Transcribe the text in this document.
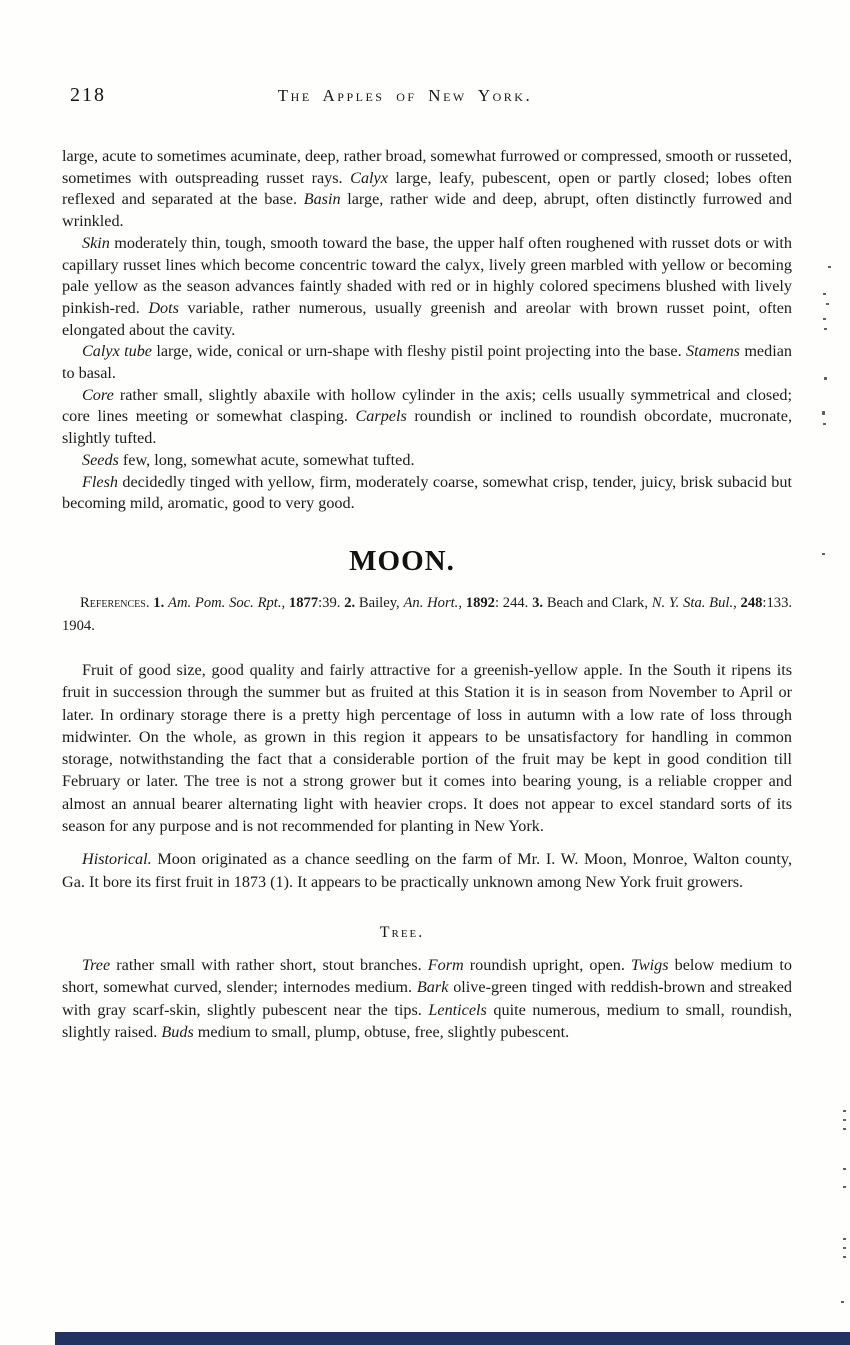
218	The Apples of New York.

large, acute to sometimes acuminate, deep, rather broad, somewhat furrowed or compressed, smooth or russeted, sometimes with outspreading russet rays. Calyx large, leafy, pubescent, open or partly closed; lobes often reflexed and separated at the base. Basin large, rather wide and deep, abrupt, often distinctly furrowed and wrinkled.

Skin moderately thin, tough, smooth toward the base, the upper half often roughened with russet dots or with capillary russet lines which become concentric toward the calyx, lively green marbled with yellow or becoming pale yellow as the season advances faintly shaded with red or in highly colored specimens blushed with lively pinkish-red. Dots variable, rather numerous, usually greenish and areolar with brown russet point, often elongated about the cavity.

Calyx tube large, wide, conical or urn-shape with fleshy pistil point projecting into the base. Stamens median to basal.

Core rather small, slightly abaxile with hollow cylinder in the axis; cells usually symmetrical and closed; core lines meeting or somewhat clasping. Carpels roundish or inclined to roundish obcordate, mucronate, slightly tufted.

Seeds few, long, somewhat acute, somewhat tufted.

Flesh decidedly tinged with yellow, firm, moderately coarse, somewhat crisp, tender, juicy, brisk subacid but becoming mild, aromatic, good to very good.

MOON.

References. 1. Am. Pom. Soc. Rpt., 1877:39. 2. Bailey, An. Hort., 1892: 244. 3. Beach and Clark, N. Y. Sta. Bul., 248:133. 1904.

Fruit of good size, good quality and fairly attractive for a greenish-yellow apple. In the South it ripens its fruit in succession through the summer but as fruited at this Station it is in season from November to April or later. In ordinary storage there is a pretty high percentage of loss in autumn with a low rate of loss through midwinter. On the whole, as grown in this region it appears to be unsatisfactory for handling in common storage, notwithstanding the fact that a considerable portion of the fruit may be kept in good condition till February or later. The tree is not a strong grower but it comes into bearing young, is a reliable cropper and almost an annual bearer alternating light with heavier crops. It does not appear to excel standard sorts of its season for any purpose and is not recommended for planting in New York.

Historical. Moon originated as a chance seedling on the farm of Mr. I. W. Moon, Monroe, Walton county, Ga. It bore its first fruit in 1873 (1). It appears to be practically unknown among New York fruit growers.

Tree.

Tree rather small with rather short, stout branches. Form roundish upright, open. Twigs below medium to short, somewhat curved, slender; internodes medium. Bark olive-green tinged with reddish-brown and streaked with gray scarf-skin, slightly pubescent near the tips. Lenticels quite numerous, medium to small, roundish, slightly raised. Buds medium to small, plump, obtuse, free, slightly pubescent.
